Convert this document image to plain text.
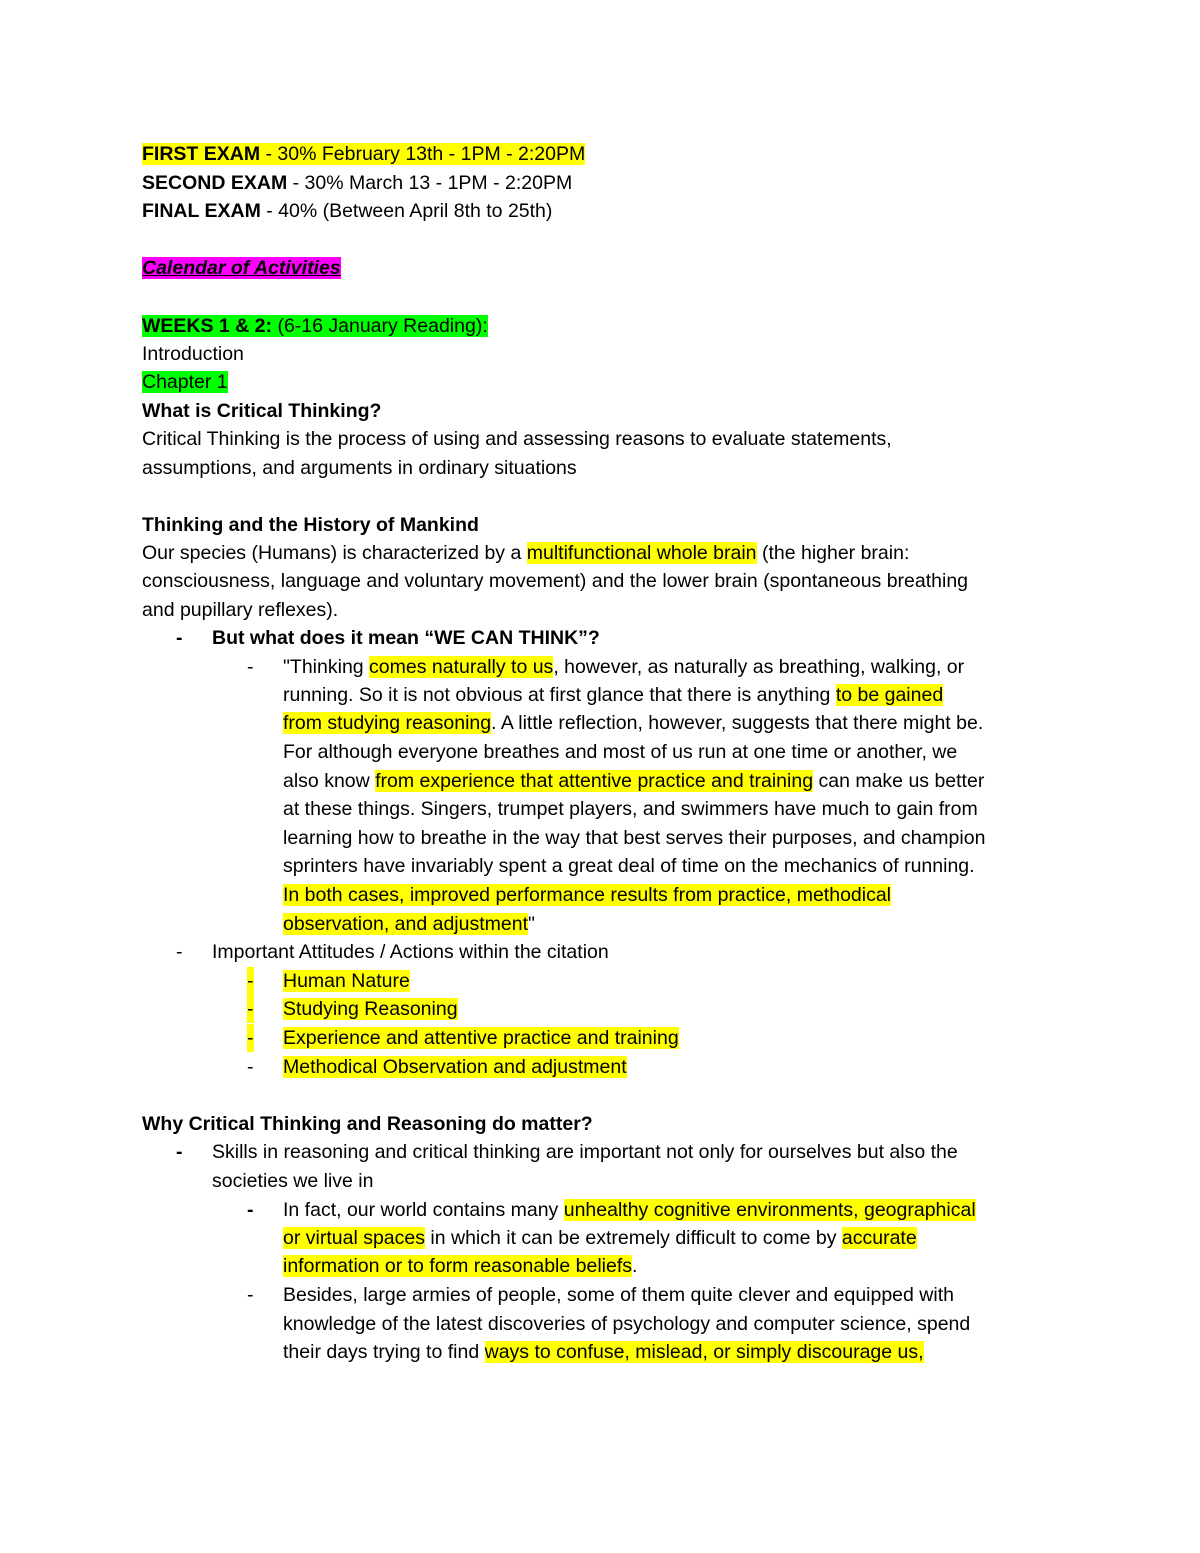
FIRST EXAM - 30% February 13th - 1PM - 2:20PM

SECOND EXAM - 30% March 13 - 1PM - 2:20PM

FINAL EXAM - 40% (Between April 8th to 25th)

Calendar of Activities

WEEKS 1 & 2: (6-16 January Reading):

Introduction

Chapter 1

What is Critical Thinking?

Critical Thinking is the process of using and assessing reasons to evaluate statements,

assumptions, and arguments in ordinary situations

Thinking and the History of Mankind

Our species (Humans) is characterized by a multifunctional whole brain (the higher brain:

consciousness, language and voluntary movement) and the lower brain (spontaneous breathing

and pupillary reflexes).

- But what does it mean “WE CAN THINK”?

- "Thinking comes naturally to us, however, as naturally as breathing, walking, or

running. So it is not obvious at first glance that there is anything to be gained

from studying reasoning. A little reflection, however, suggests that there might be.

For although everyone breathes and most of us run at one time or another, we

also know from experience that attentive practice and training can make us better

at these things. Singers, trumpet players, and swimmers have much to gain from

learning how to breathe in the way that best serves their purposes, and champion

sprinters have invariably spent a great deal of time on the mechanics of running.

In both cases, improved performance results from practice, methodical

observation, and adjustment"

- Important Attitudes / Actions within the citation

- Human Nature

- Studying Reasoning

- Experience and attentive practice and training

- Methodical Observation and adjustment

Why Critical Thinking and Reasoning do matter?

- Skills in reasoning and critical thinking are important not only for ourselves but also the

societies we live in

- In fact, our world contains many unhealthy cognitive environments, geographical

or virtual spaces in which it can be extremely difficult to come by accurate

information or to form reasonable beliefs.

- Besides, large armies of people, some of them quite clever and equipped with

knowledge of the latest discoveries of psychology and computer science, spend

their days trying to find ways to confuse, mislead, or simply discourage us,
